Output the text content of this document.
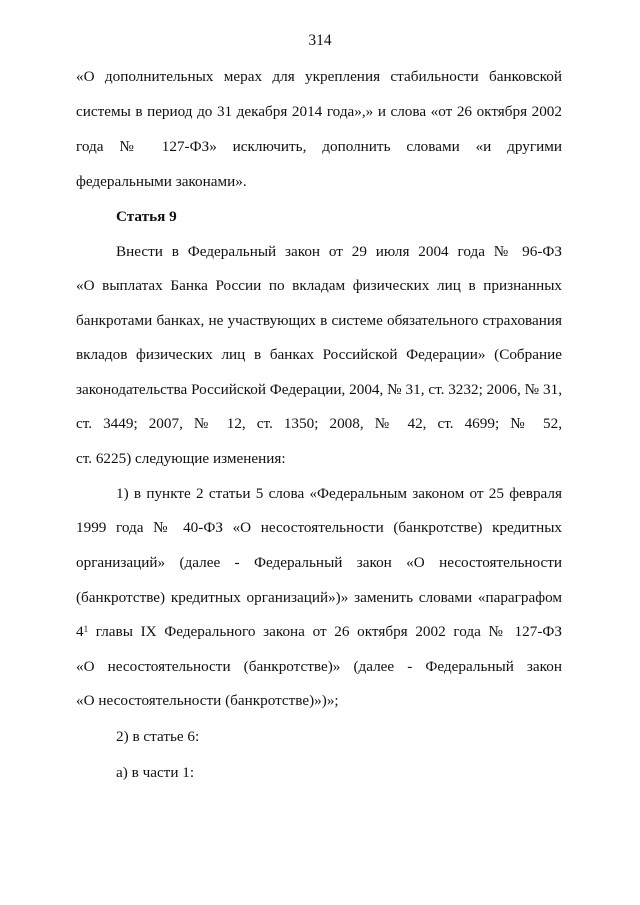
314
«О дополнительных мерах для укрепления стабильности банковской
системы в период до 31 декабря 2014 года»,» и слова «от 26 октября 2002
года № 127-ФЗ» исключить, дополнить словами «и другими
федеральными законами».
Статья 9
Внести в Федеральный закон от 29 июля 2004 года № 96-ФЗ
«О выплатах Банка России по вкладам физических лиц в признанных
банкротами банках, не участвующих в системе обязательного страхования
вкладов физических лиц в банках Российской Федерации» (Собрание
законодательства Российской Федерации, 2004, № 31, ст. 3232; 2006, № 31,
ст. 3449; 2007, № 12, ст. 1350; 2008, № 42, ст. 4699; № 52,
ст. 6225) следующие изменения:
1) в пункте 2 статьи 5 слова «Федеральным законом от 25 февраля
1999 года № 40-ФЗ «О несостоятельности (банкротстве) кредитных
организаций» (далее - Федеральный закон «О несостоятельности
(банкротстве) кредитных организаций»)» заменить словами «параграфом
$4^1$ главы IX Федерального закона от 26 октября 2002 года № 127-ФЗ
«О несостоятельности (банкротстве)» (далее - Федеральный закон
«О несостоятельности (банкротстве)»)»;
2) в статье 6:
а) в части 1:
